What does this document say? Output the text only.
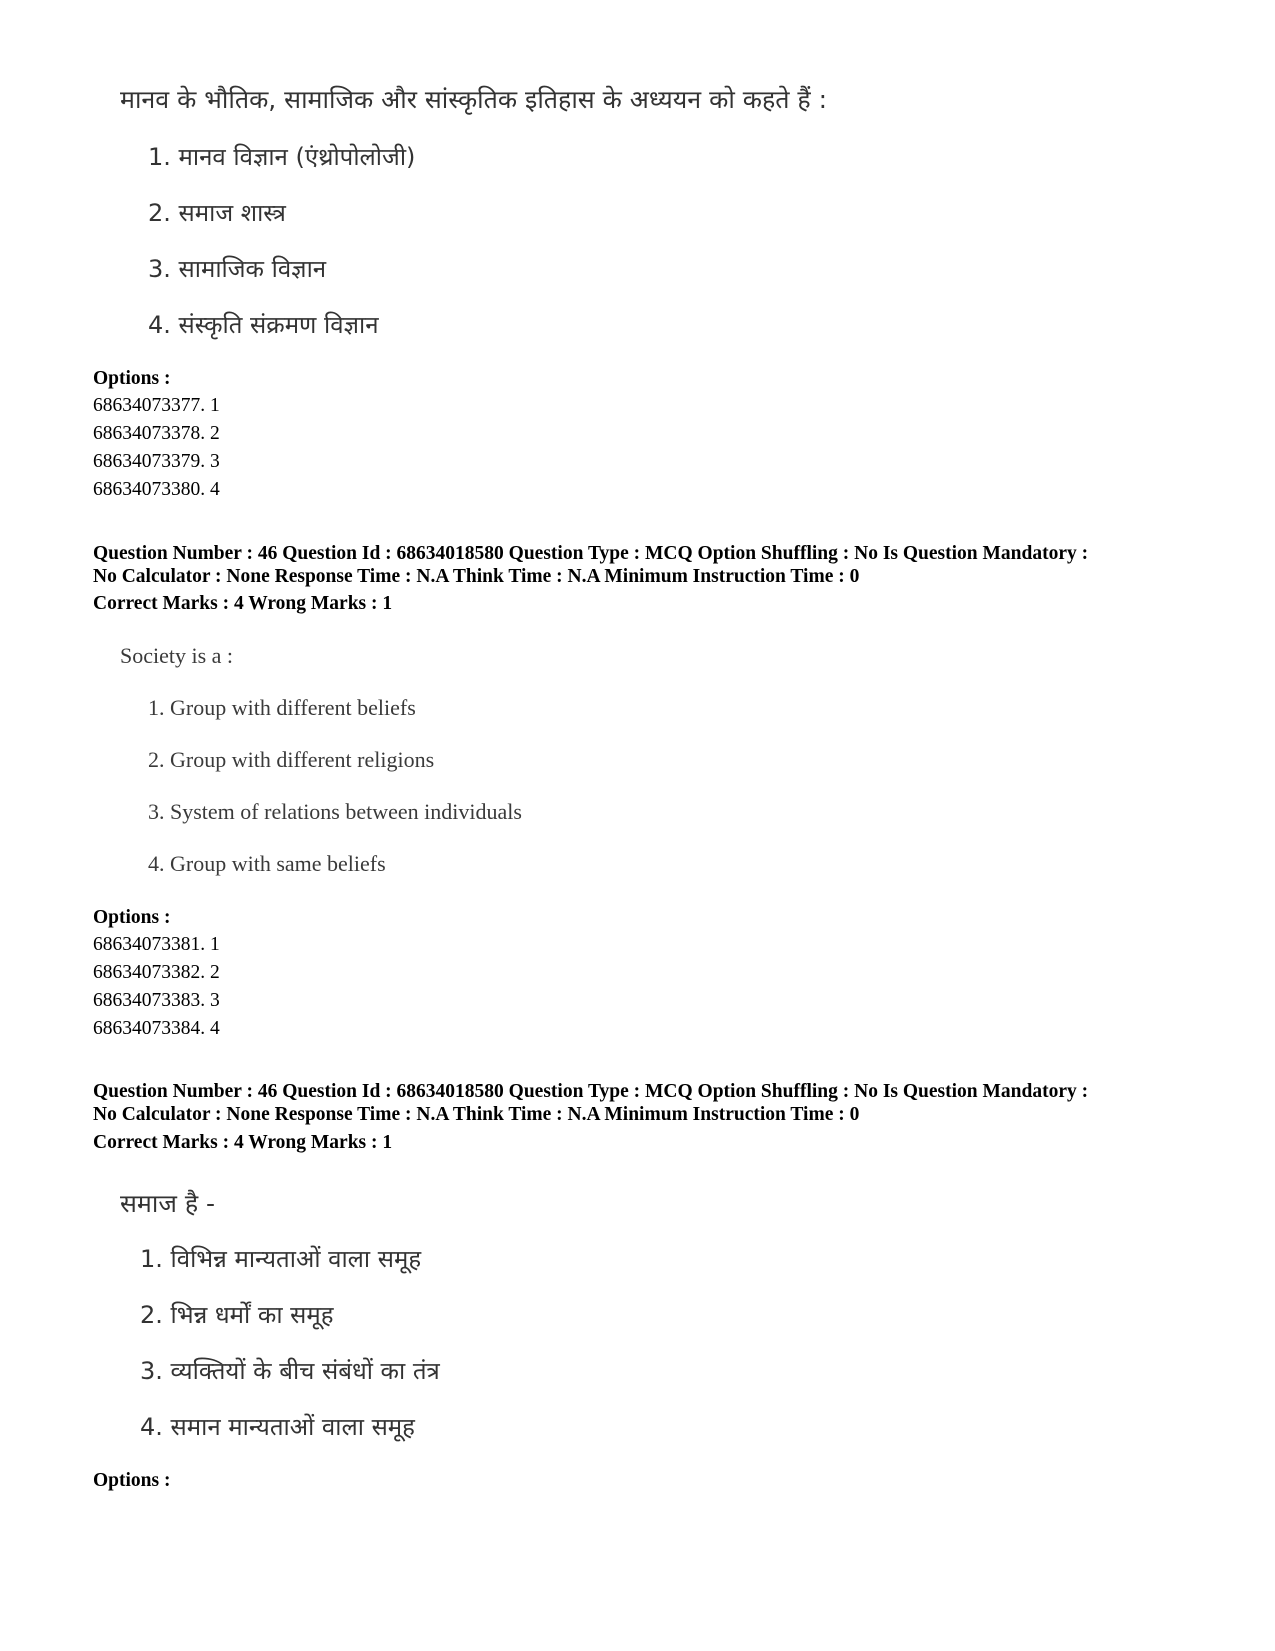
मानव के भौतिक, सामाजिक और सांस्कृतिक इतिहास के अध्ययन को कहते हैं :
1. मानव विज्ञान (एंथ्रोपोलोजी)
2. समाज शास्त्र
3. सामाजिक विज्ञान
4. संस्कृति संक्रमण विज्ञान
Options :
68634073377 . 1
68634073378 . 2
68634073379 . 3
68634073380 . 4
Question Number : 46 Question Id : 68634018580 Question Type : MCQ Option Shuffling : No Is Question Mandatory :
No Calculator : None Response Time : N.A Think Time : N.A Minimum Instruction Time : 0
Correct Marks : 4 Wrong Marks : 1
Society is a :
1. Group with different beliefs
2. Group with different religions
3. System of relations between individuals
4. Group with same beliefs
Options :
68634073381 . 1
68634073382 . 2
68634073383 . 3
68634073384 . 4
Question Number : 46 Question Id : 68634018580 Question Type : MCQ Option Shuffling : No Is Question Mandatory :
No Calculator : None Response Time : N.A Think Time : N.A Minimum Instruction Time : 0
Correct Marks : 4 Wrong Marks : 1
समाज है -
1. विभिन्न मान्यताओं वाला समूह
2. भिन्न धर्मों का समूह
3. व्यक्तियों के बीच संबंधों का तंत्र
4. समान मान्यताओं वाला समूह
Options :
